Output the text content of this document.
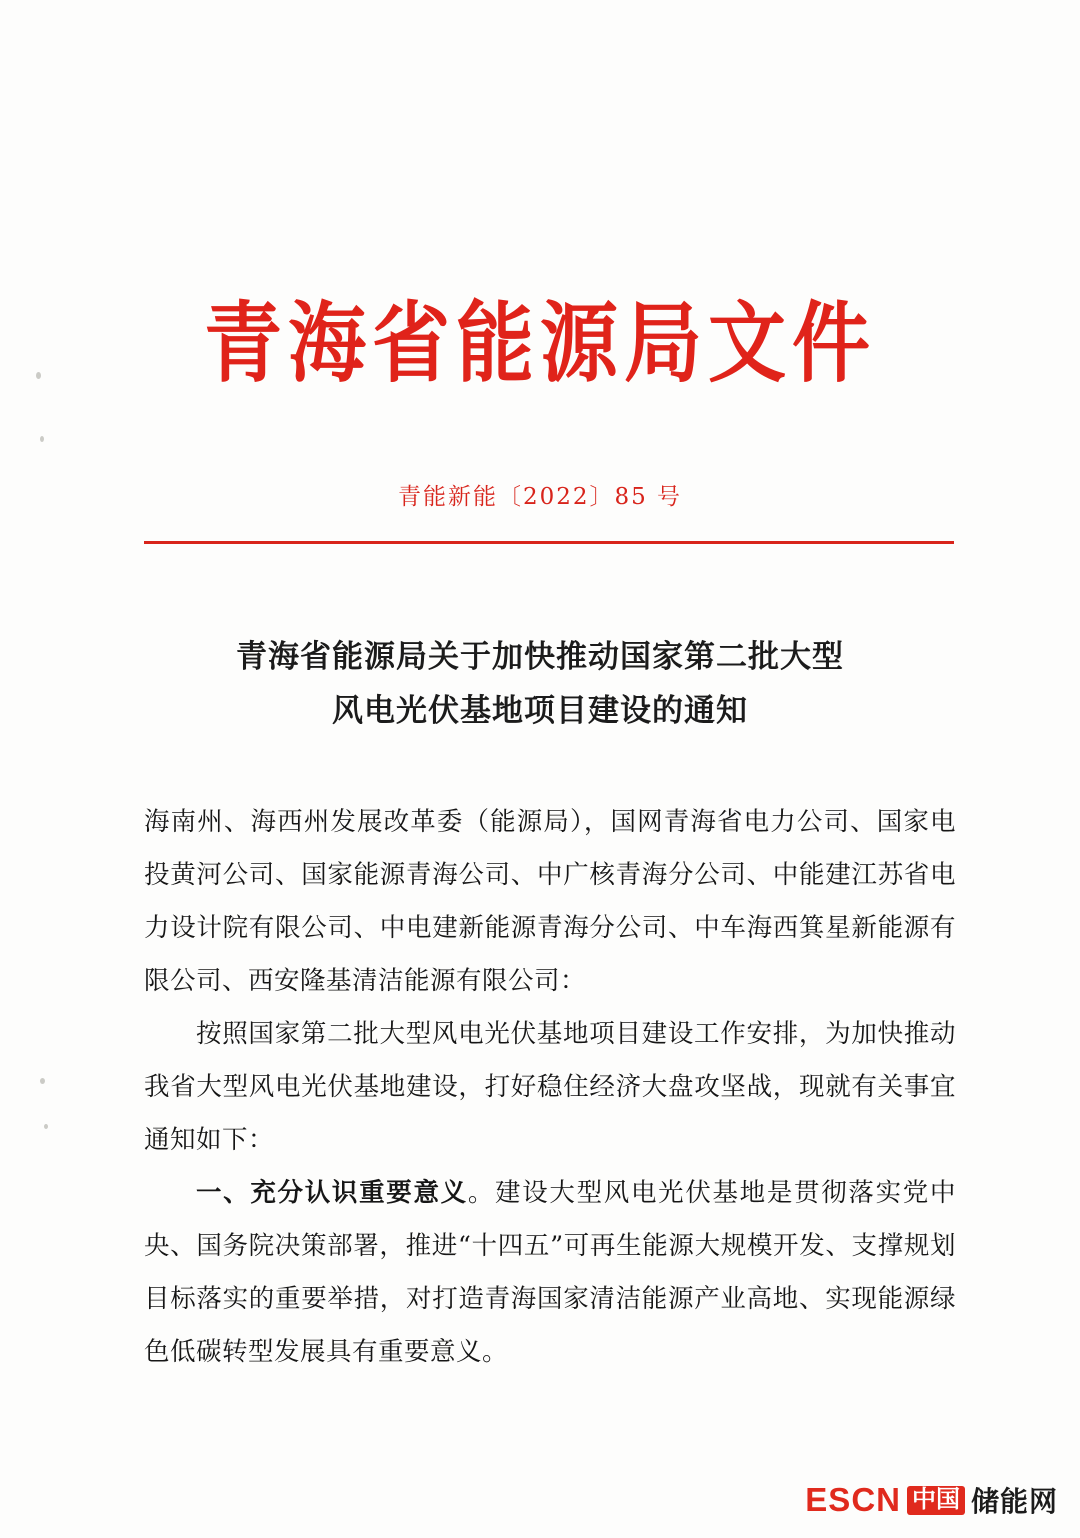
青海省能源局文件
青能新能〔2022〕85 号
青海省能源局关于加快推动国家第二批大型
风电光伏基地项目建设的通知

海南州、海西州发展改革委（能源局），国网青海省电力公司、国家电投黄河公司、国家能源青海公司、中广核青海分公司、中能建江苏省电力设计院有限公司、中电建新能源青海分公司、中车海西箕星新能源有限公司、西安隆基清洁能源有限公司：

按照国家第二批大型风电光伏基地项目建设工作安排，为加快推动我省大型风电光伏基地建设，打好稳住经济大盘攻坚战，现就有关事宜通知如下：

一、充分认识重要意义。建设大型风电光伏基地是贯彻落实党中央、国务院决策部署，推进“十四五”可再生能源大规模开发、支撑规划目标落实的重要举措，对打造青海国家清洁能源产业高地、实现能源绿色低碳转型发展具有重要意义。

ESCN 中国 储能网
